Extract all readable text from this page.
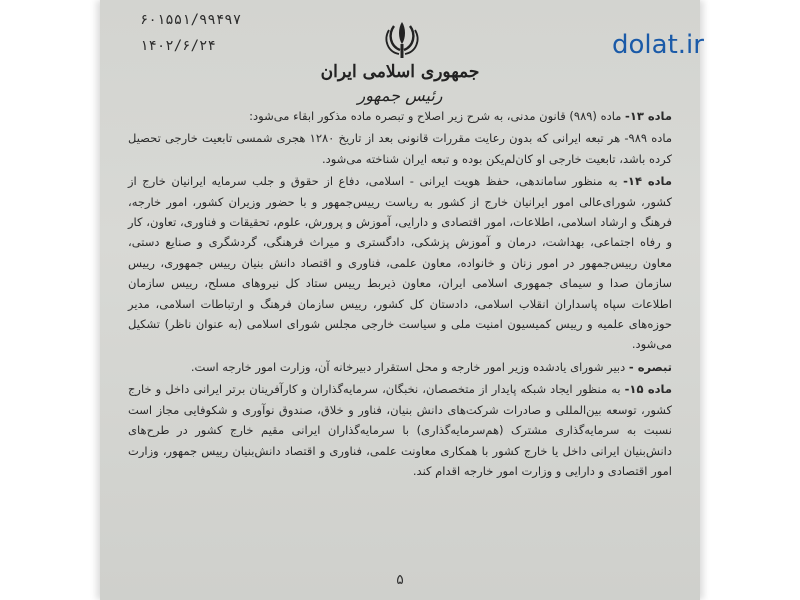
۶۰۱۵۵۱/۹۹۴۹۷
۱۴۰۲/۶/۲۴
جمهوری اسلامی ایران
رئیس جمهور

ماده ۱۳- ماده (۹۸۹) قانون مدنی، به شرح زیر اصلاح و تبصره ماده مذکور ابقاء می‌شود:

ماده ۹۸۹- هر تبعه ایرانی که بدون رعایت مقررات قانونی بعد از تاریخ ۱۲۸۰ هجری شمسی تابعیت خارجی تحصیل کرده باشد، تابعیت خارجی او کان‌لم‌یکن بوده و تبعه ایران شناخته می‌شود.

ماده ۱۴- به منظور ساماندهی، حفظ هویت ایرانی - اسلامی، دفاع از حقوق و جلب سرمایه ایرانیان خارج از کشور، شورای‌عالی امور ایرانیان خارج از کشور به ریاست رییس‌جمهور و با حضور وزیران کشور، امور خارجه، فرهنگ و ارشاد اسلامی، اطلاعات، امور اقتصادی و دارایی، آموزش و پرورش، علوم، تحقیقات و فناوری، تعاون، کار و رفاه اجتماعی، بهداشت، درمان و آموزش پزشکی، دادگستری و میراث فرهنگی، گردشگری و صنایع دستی، معاون رییس‌جمهور در امور زنان و خانواده، معاون علمی، فناوری و اقتصاد دانش بنیان رییس جمهوری، رییس سازمان صدا و سیمای جمهوری اسلامی ایران، معاون ذیربط رییس ستاد کل نیروهای مسلح، رییس سازمان اطلاعات سپاه پاسداران انقلاب اسلامی، دادستان کل کشور، رییس سازمان فرهنگ و ارتباطات اسلامی، مدیر حوزه‌های علمیه و رییس کمیسیون امنیت ملی و سیاست خارجی مجلس شورای اسلامی (به عنوان ناظر) تشکیل می‌شود.

تبصره - دبیر شورای یادشده وزیر امور خارجه و محل استقرار دبیرخانه آن، وزارت امور خارجه است.

ماده ۱۵- به منظور ایجاد شبکه پایدار از متخصصان، نخبگان، سرمایه‌گذاران و کارآفرینان برتر ایرانی داخل و خارج کشور، توسعه بین‌المللی و صادرات شرکت‌های دانش بنیان، فناور و خلاق، صندوق نوآوری و شکوفایی مجاز است نسبت به سرمایه‌گذاری مشترک (هم‌سرمایه‌گذاری) با سرمایه‌گذاران ایرانی مقیم خارج کشور در طرح‌های دانش‌بنیان ایرانی داخل یا خارج کشور با همکاری معاونت علمی، فناوری و اقتصاد دانش‌بنیان رییس جمهور، وزارت امور اقتصادی و دارایی و وزارت امور خارجه اقدام کند.

۵
dolat.ir
